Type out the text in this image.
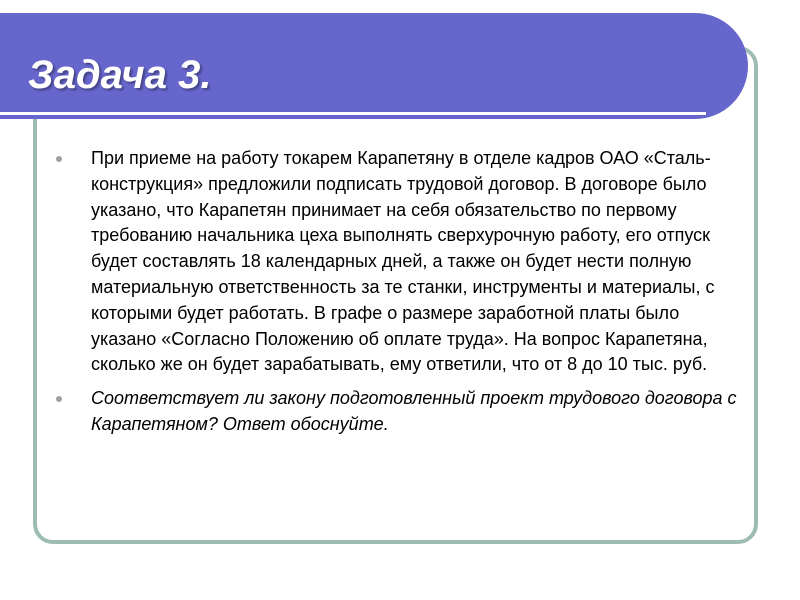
Задача 3.
При приеме на работу токарем Карапетяну в отделе кадров ОАО «Стальконструкция» предложили подписать трудовой договор. В договоре было указано, что Карапетян принимает на себя обязательство по первому требованию начальника цеха выполнять сверхурочную работу, его отпуск будет составлять 18 календарных дней, а также он будет нести полную материальную ответственность за те станки, инструменты и материалы, с которыми будет работать. В графе о размере заработной платы было указано «Согласно Положению об оплате труда». На вопрос Карапетяна, сколько же он будет зарабатывать, ему ответили, что от 8 до 10 тыс. руб.
Соответствует ли закону подготовленный проект трудового договора с Карапетяном? Ответ обоснуйте.
